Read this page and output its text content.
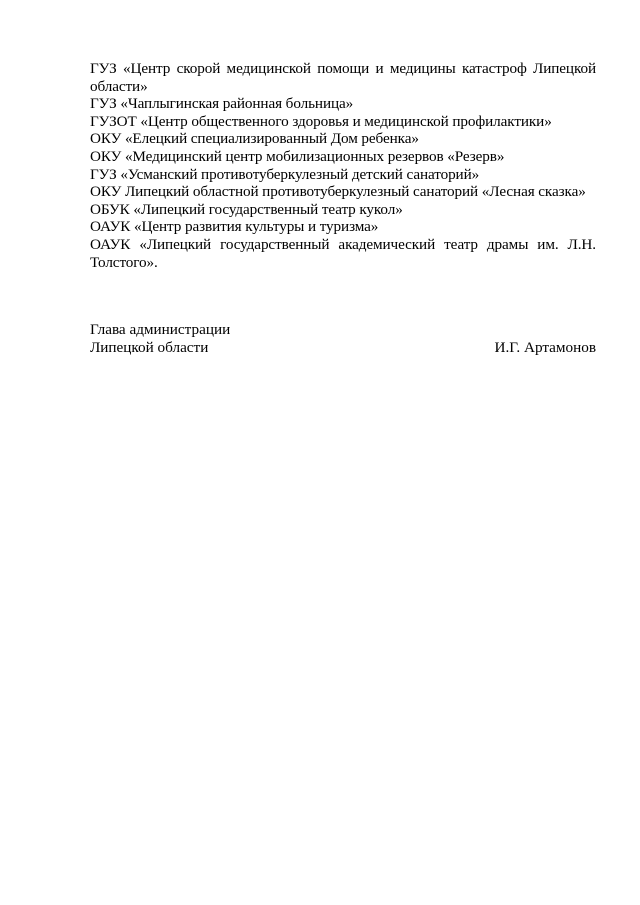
ГУЗ «Центр скорой медицинской помощи и медицины катастроф Липецкой области»
ГУЗ «Чаплыгинская районная больница»
ГУЗОТ «Центр общественного здоровья и медицинской профилактики»
ОКУ «Елецкий специализированный Дом ребенка»
ОКУ «Медицинский центр мобилизационных резервов «Резерв»
ГУЗ «Усманский противотуберкулезный детский санаторий»
ОКУ Липецкий областной противотуберкулезный санаторий «Лесная сказка»
ОБУК «Липецкий государственный театр кукол»
ОАУК «Центр развития культуры и туризма»
ОАУК «Липецкий государственный академический театр драмы им. Л.Н. Толстого».
Глава администрации
Липецкой области	И.Г. Артамонов
